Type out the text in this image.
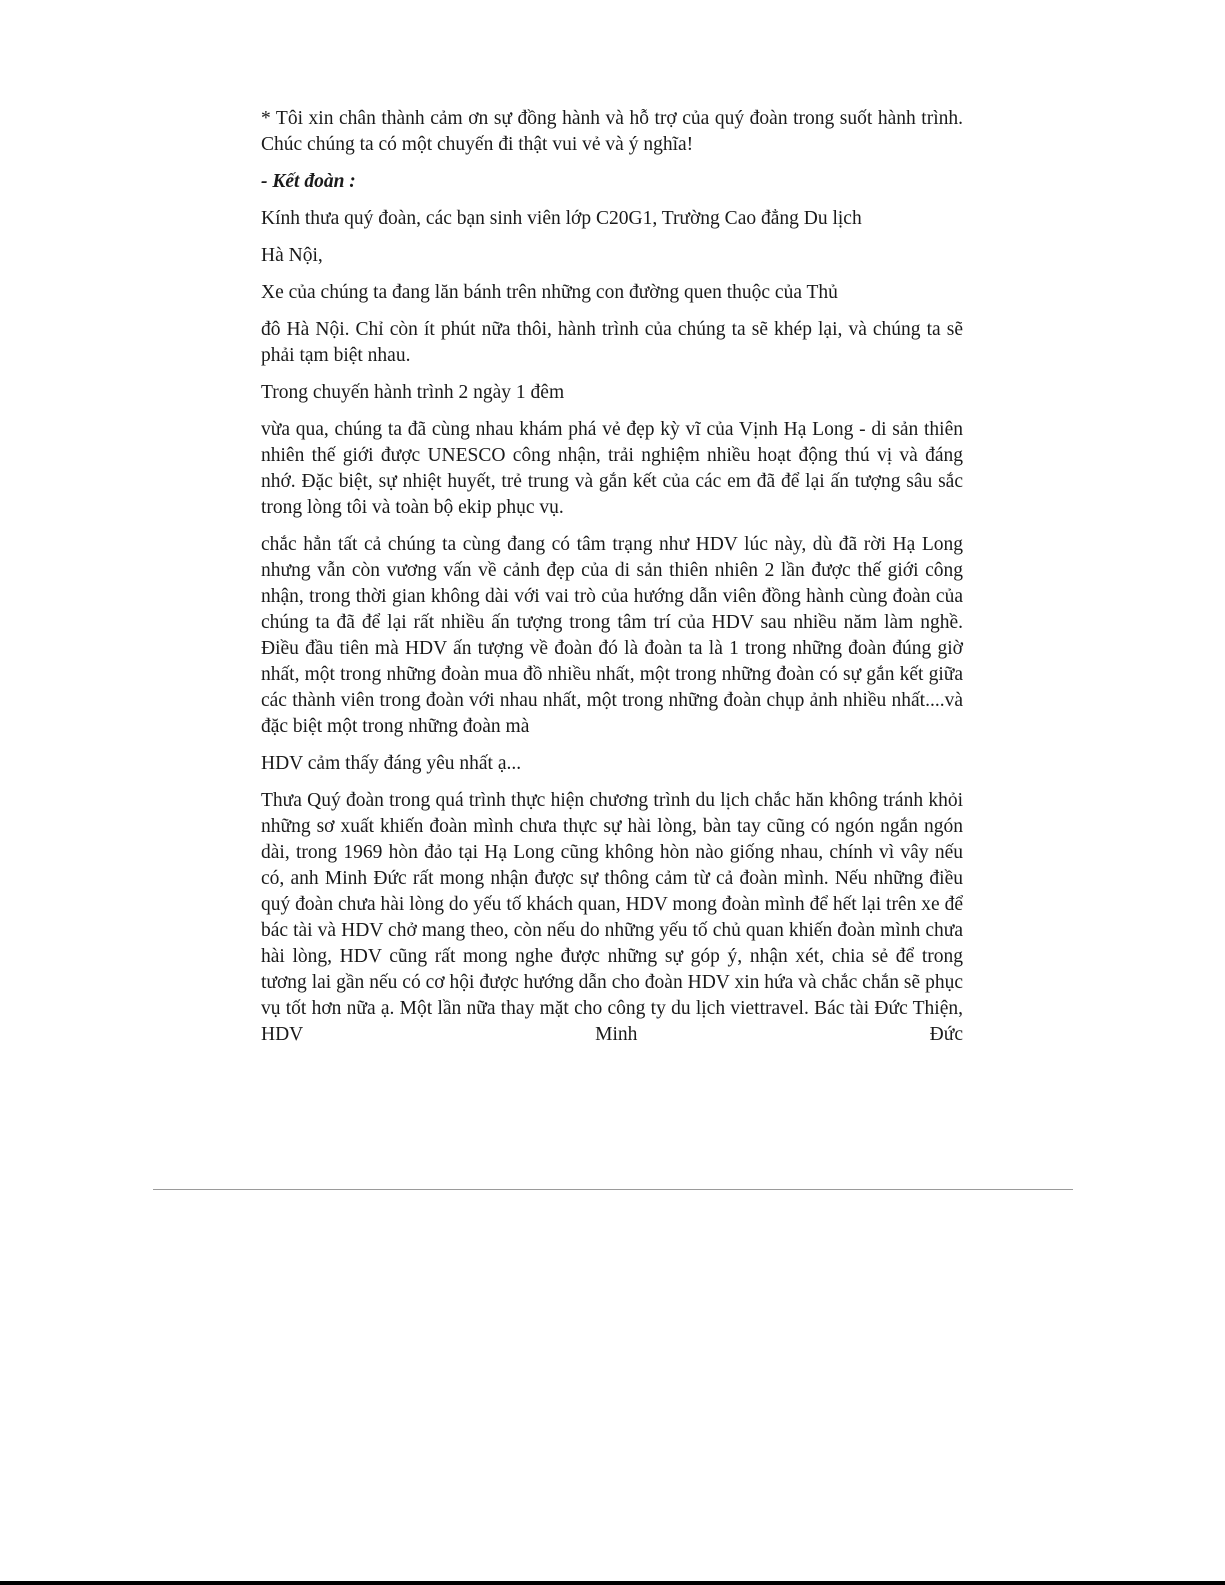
* Tôi xin chân thành cảm ơn sự đồng hành và hỗ trợ của quý đoàn trong suốt hành trình. Chúc chúng ta có một chuyến đi thật vui vẻ và ý nghĩa!

- Kết đoàn :

Kính thưa quý đoàn, các bạn sinh viên lớp C20G1, Trường Cao đẳng Du lịch

Hà Nội,

Xe của chúng ta đang lăn bánh trên những con đường quen thuộc của Thủ

đô Hà Nội. Chỉ còn ít phút nữa thôi, hành trình của chúng ta sẽ khép lại, và chúng ta sẽ phải tạm biệt nhau.

Trong chuyến hành trình 2 ngày 1 đêm

vừa qua, chúng ta đã cùng nhau khám phá vẻ đẹp kỳ vĩ của Vịnh Hạ Long - di sản thiên nhiên thế giới được UNESCO công nhận, trải nghiệm nhiều hoạt động thú vị và đáng nhớ. Đặc biệt, sự nhiệt huyết, trẻ trung và gắn kết của các em đã để lại ấn tượng sâu sắc trong lòng tôi và toàn bộ ekip phục vụ.

chắc hẳn tất cả chúng ta cùng đang có tâm trạng như HDV lúc này, dù đã rời Hạ Long nhưng vẫn còn vương vấn về cảnh đẹp của di sản thiên nhiên 2 lần được thế giới công nhận, trong thời gian không dài với vai trò của hướng dẫn viên đồng hành cùng đoàn của chúng ta đã để lại rất nhiều ấn tượng trong tâm trí của HDV sau nhiều năm làm nghề. Điều đầu tiên mà HDV ấn tượng về đoàn đó là đoàn ta là 1 trong những đoàn đúng giờ nhất, một trong những đoàn mua đồ nhiều nhất, một trong những đoàn có sự gắn kết giữa các thành viên trong đoàn với nhau nhất, một trong những đoàn chụp ảnh nhiều nhất....và đặc biệt một trong những đoàn mà

HDV cảm thấy đáng yêu nhất ạ...

Thưa Quý đoàn trong quá trình thực hiện chương trình du lịch chắc hăn không tránh khỏi những sơ xuất khiến đoàn mình chưa thực sự hài lòng, bàn tay cũng có ngón ngắn ngón dài, trong 1969 hòn đảo tại Hạ Long cũng không hòn nào giống nhau, chính vì vây nếu có, anh Minh Đức rất mong nhận được sự thông cảm từ cả đoàn mình. Nếu những điều quý đoàn chưa hài lòng do yếu tố khách quan, HDV mong đoàn mình để hết lại trên xe để bác tài và HDV chở mang theo, còn nếu do những yếu tố chủ quan khiến đoàn mình chưa hài lòng, HDV cũng rất mong nghe được những sự góp ý, nhận xét, chia sẻ để trong tương lai gần nếu có cơ hội được hướng dẫn cho đoàn HDV xin hứa và chắc chắn sẽ phục vụ tốt hơn nữa ạ. Một lần nữa thay mặt cho công ty du lịch viettravel. Bác tài Đức Thiện, HDV Minh Đức
